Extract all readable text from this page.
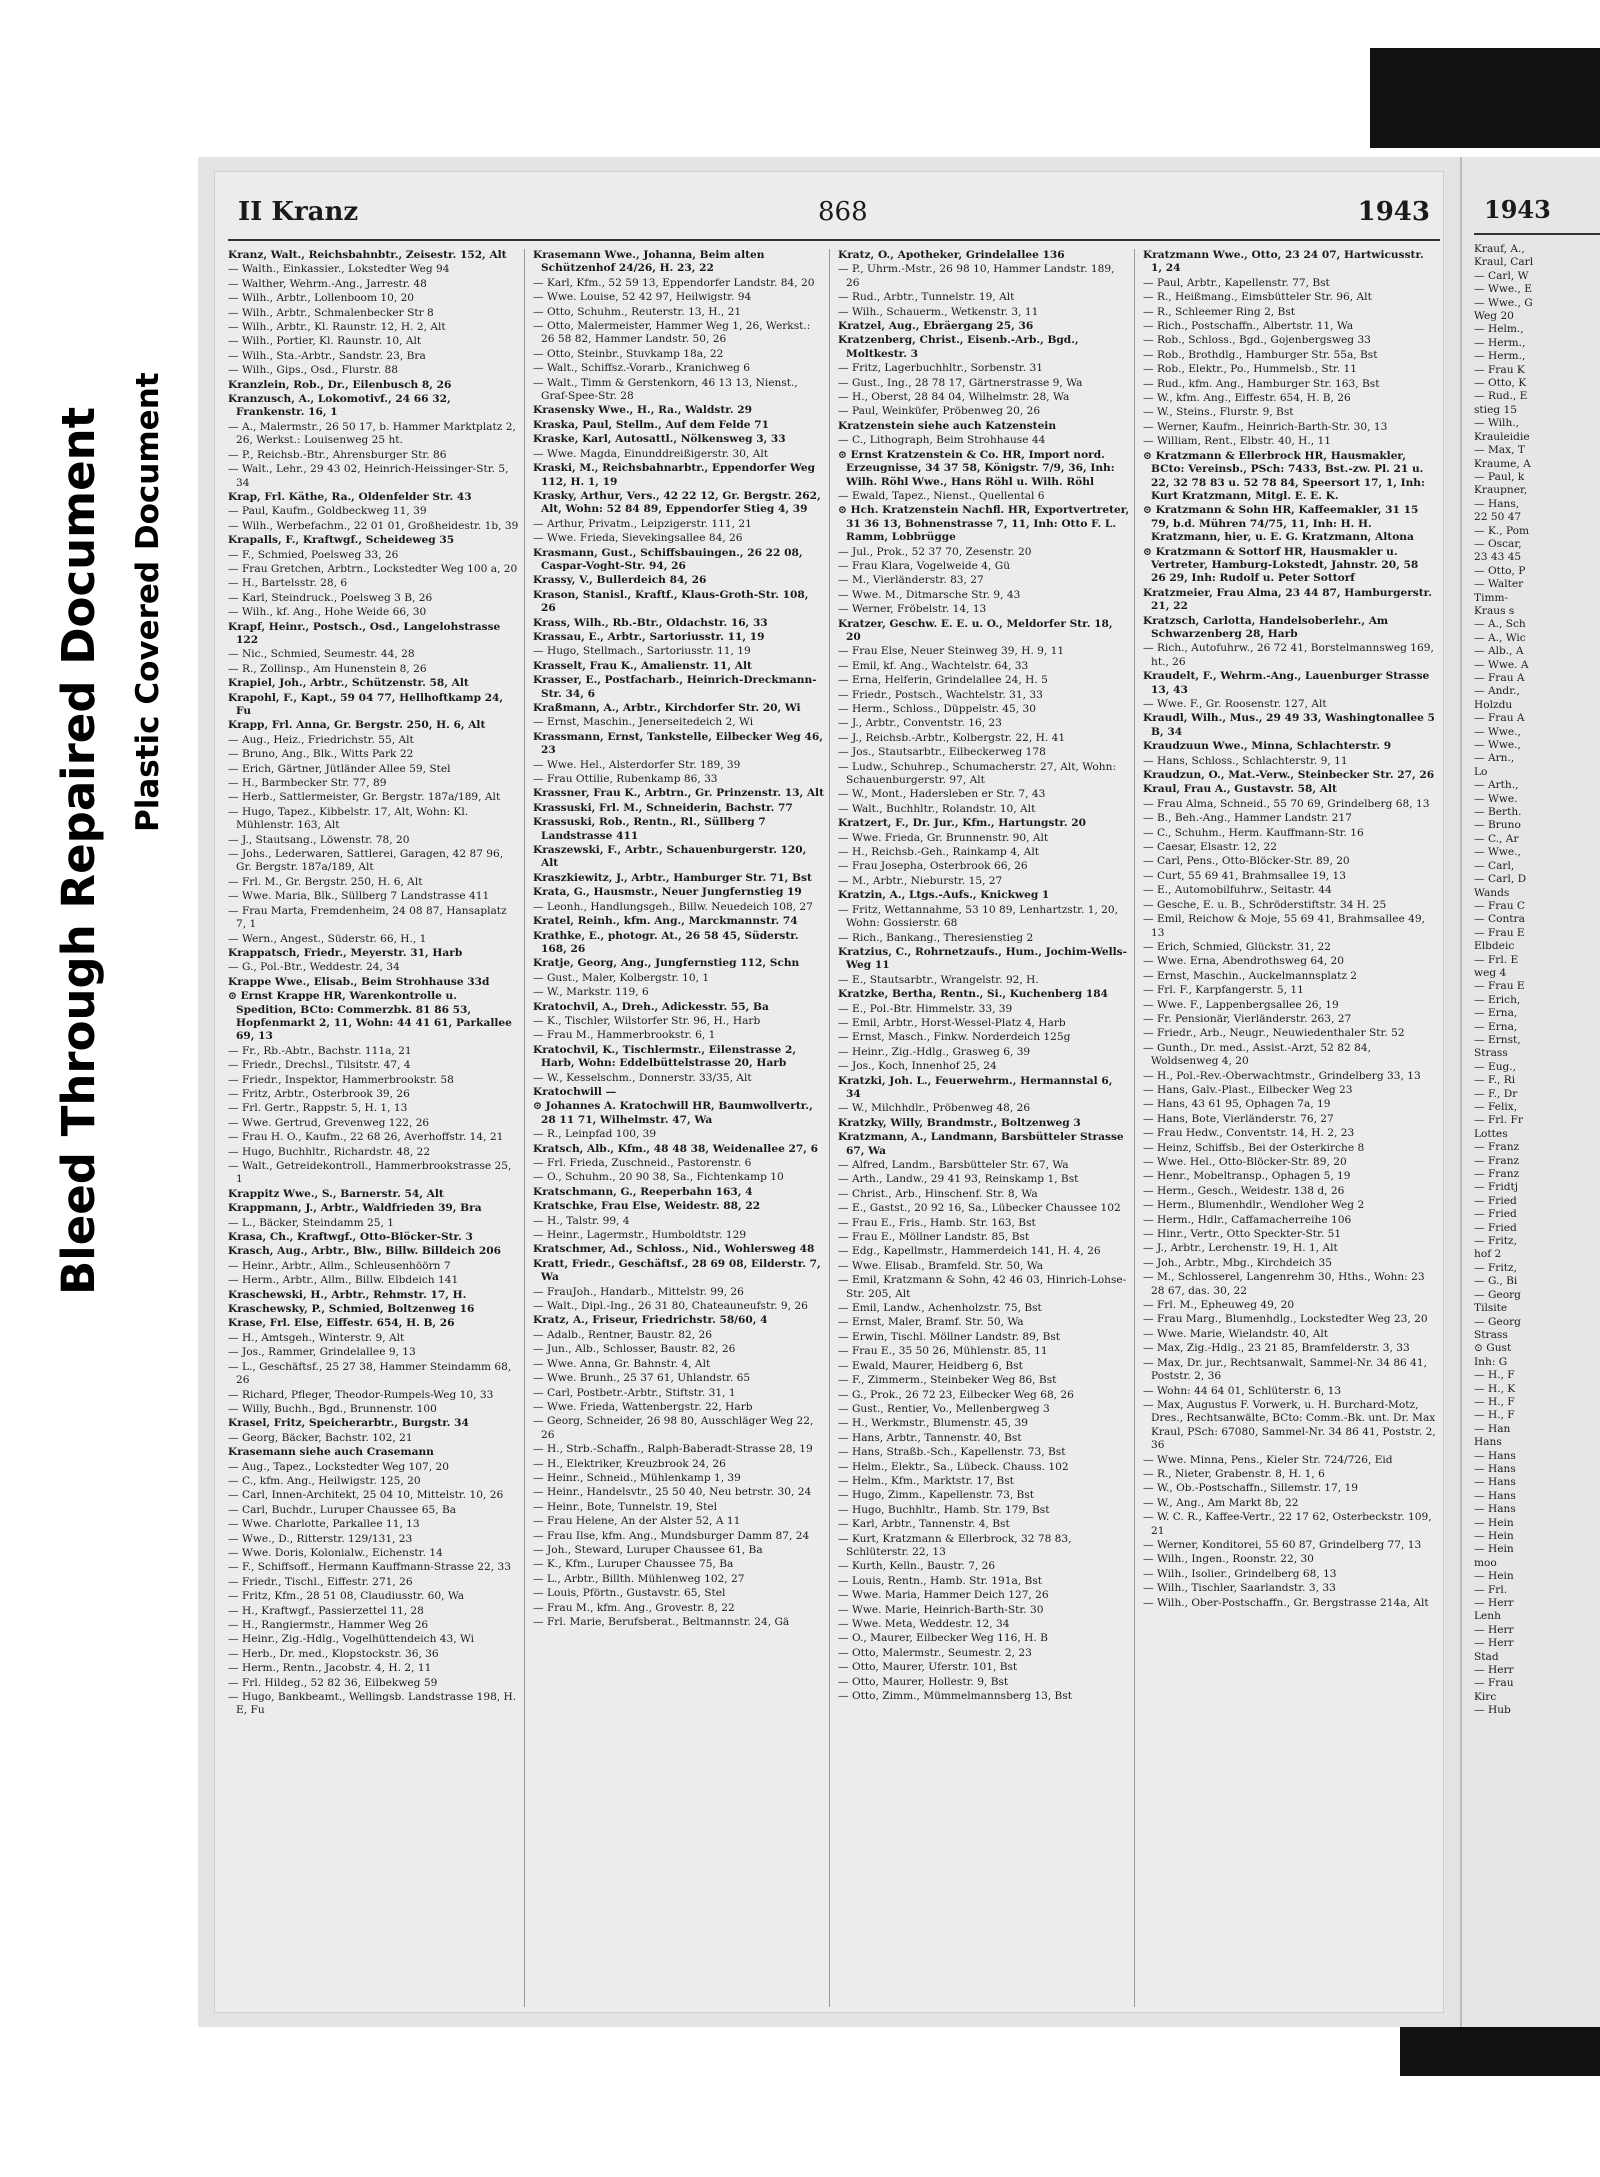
Bleed Through Repaired Document Plastic Covered Document
II Kranz	868	1943
Kranz, Walt., Reichsbahnbtr., Zeisestr. 152, Alt
— Walth., Einkassier., Lokstedter Weg 94
— Walther, Wehrm.-Ang., Jarrestr. 48
— Wilh., Arbtr., Lollenboom 10, 20
— Wilh., Arbtr., Schmalenbecker Str 8
— Wilh., Arbtr., Kl. Raunstr. 12, H. 2, Alt
— Wilh., Portier, Kl. Raunstr. 10, Alt
— Wilh., Sta.-Arbtr., Sandstr. 23, Bra
— Wilh., Gips., Osd., Flurstr. 88
Kranzlein, Rob., Dr., Eilenbusch 8, 26
Kranzusch, A., Lokomotivf., 24 66 32, Frankenstr. 16, 1
— A., Malermstr., 26 50 17, b. Hammer Marktplatz 2, 26, Werkst.: Louisenweg 25 ht.
— P., Reichsb.-Btr., Ahrensburger Str. 86
— Walt., Lehr., 29 43 02, Heinrich-Heissinger-Str. 5, 34
Krap, Frl. Käthe, Ra., Oldenfelder Str. 43
— Paul, Kaufm., Goldbeckweg 11, 39
— Wilh., Werbefachm., 22 01 01, Großheidestr. 1b, 39
Krapalls, F., Kraftwgf., Scheideweg 35
— F., Schmied, Poelsweg 33, 26
— Frau Gretchen, Arbtrn., Lockstedter Weg 100 a, 20
— H., Bartelsstr. 28, 6
— Karl, Steindruck., Poelsweg 3 B, 26
— Wilh., kf. Ang., Hohe Weide 66, 30
Krapf, Heinr., Postsch., Osd., Langelohstrasse 122
— Nic., Schmied, Seumestr. 44, 28
— R., Zollinsp., Am Hunenstein 8, 26
Krapiel, Joh., Arbtr., Schützenstr. 58, Alt
Krapohl, F., Kapt., 59 04 77, Hellhoftkamp 24, Fu
Krapp, Frl. Anna, Gr. Bergstr. 250, H. 6, Alt
— Aug., Heiz., Friedrichstr. 55, Alt
— Bruno, Ang., Blk., Witts Park 22
— Erich, Gärtner, Jütländer Allee 59, Stel
— H., Barmbecker Str. 77, 89
— Herb., Sattlermeister, Gr. Bergstr. 187a/189, Alt
— Hugo, Tapez., Kibbelstr. 17, Alt, Wohn: Kl. Mühlenstr. 163, Alt
— J., Stautsang., Löwenstr. 78, 20
— Johs., Lederwaren, Sattlerei, Garagen, 42 87 96, Gr. Bergstr. 187a/189, Alt
— Frl. M., Gr. Bergstr. 250, H. 6, Alt
— Wwe. Maria, Blk., Süllberg 7 Landstrasse 411
— Frau Marta, Fremdenheim, 24 08 87, Hansaplatz 7, 1
— Wern., Angest., Süderstr. 66, H., 1
Krappatsch, Friedr., Meyerstr. 31, Harb
— G., Pol.-Btr., Weddestr. 24, 34
Krappe Wwe., Elisab., Beim Strohhause 33d
⊙ Ernst Krappe HR, Warenkontrolle u. Spedition, BCto: Commerzbk. 81 86 53, Hopfenmarkt 2, 11, Wohn: 44 41 61, Parkallee 69, 13
— Fr., Rb.-Abtr., Bachstr. 111a, 21
— Friedr., Drechsl., Tilsitstr. 47, 4
— Friedr., Inspektor, Hammerbrookstr. 58
— Fritz, Arbtr., Osterbrook 39, 26
— Frl. Gertr., Rappstr. 5, H. 1, 13
— Wwe. Gertrud, Grevenweg 122, 26
— Frau H. O., Kaufm., 22 68 26, Averhoffstr. 14, 21
— Hugo, Buchhltr., Richardstr. 48, 22
— Walt., Getreidekontroll., Hammerbrookstrasse 25, 1
Krappitz Wwe., S., Barnerstr. 54, Alt
Krappmann, J., Arbtr., Waldfrieden 39, Bra
— L., Bäcker, Steindamm 25, 1
Krasa, Ch., Kraftwgf., Otto-Blöcker-Str. 3
Krasch, Aug., Arbtr., Blw., Billw. Billdeich 206
— Heinr., Arbtr., Allm., Schleusenhöörn 7
— Herm., Arbtr., Allm., Billw. Elbdeich 141
Kraschewski, H., Arbtr., Rehmstr. 17, H.
Kraschewsky, P., Schmied, Boltzenweg 16
Krase, Frl. Else, Eiffestr. 654, H. B, 26
— H., Amtsgeh., Winterstr. 9, Alt
— Jos., Rammer, Grindelallee 9, 13
— L., Geschäftsf., 25 27 38, Hammer Steindamm 68, 26
— Richard, Pfleger, Theodor-Rumpels-Weg 10, 33
— Willy, Buchh., Bgd., Brunnenstr. 100
Krasel, Fritz, Speicherarbtr., Burgstr. 34
— Georg, Bäcker, Bachstr. 102, 21
Krasemann siehe auch Crasemann
— Aug., Tapez., Lockstedter Weg 107, 20
— C., kfm. Ang., Heilwigstr. 125, 20
— Carl, Innen-Architekt, 25 04 10, Mittelstr. 10, 26
— Carl, Buchdr., Luruper Chaussee 65, Ba
— Wwe. Charlotte, Parkallee 11, 13
— Wwe., D., Ritterstr. 129/131, 23
— Wwe. Doris, Kolonialw., Eichenstr. 14
— F., Schiffsoff., Hermann Kauffmann-Strasse 22, 33
— Friedr., Tischl., Eiffestr. 271, 26
— Fritz, Kfm., 28 51 08, Claudiusstr. 60, Wa
— H., Kraftwgf., Passierzettel 11, 28
— H., Rangiermstr., Hammer Weg 26
— Heinr., Zig.-Hdlg., Vogelhüttendeich 43, Wi
— Herb., Dr. med., Klopstockstr. 36, 36
— Herm., Rentn., Jacobstr. 4, H. 2, 11
— Frl. Hildeg., 52 82 36, Eilbekweg 59
— Hugo, Bankbeamt., Wellingsb. Landstrasse 198, H. E, Fu
Krasemann Wwe., Johanna, Beim alten Schützenhof 24/26, H. 23, 22
— Karl, Kfm., 52 59 13, Eppendorfer Landstr. 84, 20
— Wwe. Louise, 52 42 97, Heilwigstr. 94
— Otto, Schuhm., Reuterstr. 13, H., 21
— Otto, Malermeister, Hammer Weg 1, 26, Werkst.: 26 58 82, Hammer Landstr. 50, 26
— Otto, Steinbr., Stuvkamp 18a, 22
— Walt., Schiffsz.-Vorarb., Kranichweg 6
— Walt., Timm & Gerstenkorn, 46 13 13, Nienst., Graf-Spee-Str. 28
Krasensky Wwe., H., Ra., Waldstr. 29
Kraska, Paul, Stellm., Auf dem Felde 71
Kraske, Karl, Autosattl., Nölkensweg 3, 33
— Wwe. Magda, Einunddreißigerstr. 30, Alt
Kraski, M., Reichsbahnarbtr., Eppendorfer Weg 112, H. 1, 19
Krasky, Arthur, Vers., 42 22 12, Gr. Bergstr. 262, Alt, Wohn: 52 84 89, Eppendorfer Stieg 4, 39
— Arthur, Privatm., Leipzigerstr. 111, 21
— Wwe. Frieda, Sievekingsallee 84, 26
Krasmann, Gust., Schiffsbauingen., 26 22 08, Caspar-Voght-Str. 94, 26
Krassy, V., Bullerdeich 84, 26
Krason, Stanisl., Kraftf., Klaus-Groth-Str. 108, 26
Krass, Wilh., Rb.-Btr., Oldachstr. 16, 33
Krassau, E., Arbtr., Sartoriusstr. 11, 19
— Hugo, Stellmach., Sartoriusstr. 11, 19
Krasselt, Frau K., Amalienstr. 11, Alt
Krasser, E., Postfacharb., Heinrich-Dreckmann-Str. 34, 6
Kraßmann, A., Arbtr., Kirchdorfer Str. 20, Wi
— Ernst, Maschin., Jenerseitedeich 2, Wi
Krassmann, Ernst, Tankstelle, Eilbecker Weg 46, 23
— Wwe. Hel., Alsterdorfer Str. 189, 39
— Frau Ottilie, Rubenkamp 86, 33
Krassner, Frau K., Arbtrn., Gr. Prinzenstr. 13, Alt
Krassuski, Frl. M., Schneiderin, Bachstr. 77
Krassuski, Rob., Rentn., Rl., Süllberg 7 Landstrasse 411
Kraszewski, F., Arbtr., Schauenburgerstr. 120, Alt
Kraszkiewitz, J., Arbtr., Hamburger Str. 71, Bst
Krata, G., Hausmstr., Neuer Jungfernstieg 19
— Leonh., Handlungsgeh., Billw. Neuedeich 108, 27
Kratel, Reinh., kfm. Ang., Marckmannstr. 74
Krathke, E., photogr. At., 26 58 45, Süderstr. 168, 26
Kratje, Georg, Ang., Jungfernstieg 112, Schn
— Gust., Maler, Kolbergstr. 10, 1
— W., Markstr. 119, 6
Kratochvil, A., Dreh., Adickesstr. 55, Ba
— K., Tischler, Wilstorfer Str. 96, H., Harb
— Frau M., Hammerbrookstr. 6, 1
Kratochvil, K., Tischlermstr., Eilenstrasse 2, Harb, Wohn: Eddelbüttelstrasse 20, Harb
— W., Kesselschm., Donnerstr. 33/35, Alt
Kratochwill —
⊙ Johannes A. Kratochwill HR, Baumwollvertr., 28 11 71, Wilhelmstr. 47, Wa
— R., Leinpfad 100, 39
Kratsch, Alb., Kfm., 48 48 38, Weidenallee 27, 6
— Frl. Frieda, Zuschneid., Pastorenstr. 6
— O., Schuhm., 20 90 38, Sa., Fichtenkamp 10
Kratschmann, G., Reeperbahn 163, 4
Kratschke, Frau Else, Weidestr. 88, 22
— H., Talstr. 99, 4
— Heinr., Lagermstr., Humboldtstr. 129
Kratschmer, Ad., Schloss., Nid., Wohlersweg 48
Kratt, Friedr., Geschäftsf., 28 69 08, Eilderstr. 7, Wa
— FrauJoh., Handarb., Mittelstr. 99, 26
— Walt., Dipl.-Ing., 26 31 80, Chateauneufstr. 9, 26
Kratz, A., Friseur, Friedrichstr. 58/60, 4
— Adalb., Rentner, Baustr. 82, 26
— Jun., Alb., Schlosser, Baustr. 82, 26
— Wwe. Anna, Gr. Bahnstr. 4, Alt
— Wwe. Brunh., 25 37 61, Uhlandstr. 65
— Carl, Postbetr.-Arbtr., Stiftstr. 31, 1
— Wwe. Frieda, Wattenbergstr. 22, Harb
— Georg, Schneider, 26 98 80, Ausschläger Weg 22, 26
— H., Strb.-Schaffn., Ralph-Baberadt-Strasse 28, 19
— H., Elektriker, Kreuzbrook 24, 26
— Heinr., Schneid., Mühlenkamp 1, 39
— Heinr., Handelsvtr., 25 50 40, Neu betrstr. 30, 24
— Heinr., Bote, Tunnelstr. 19, Stel
— Frau Helene, An der Alster 52, A 11
— Frau Ilse, kfm. Ang., Mundsburger Damm 87, 24
— Joh., Steward, Luruper Chaussee 61, Ba
— K., Kfm., Luruper Chaussee 75, Ba
— L., Arbtr., Billth. Mühlenweg 102, 27
— Louis, Pförtn., Gustavstr. 65, Stel
— Frau M., kfm. Ang., Grovestr. 8, 22
— Frl. Marie, Berufsberat., Beltmannstr. 24, Gä
Kratz, O., Apotheker, Grindelallee 136
— P., Uhrm.-Mstr., 26 98 10, Hammer Landstr. 189, 26
— Rud., Arbtr., Tunnelstr. 19, Alt
— Wilh., Schauerm., Wetkenstr. 3, 11
Kratzel, Aug., Ebräergang 25, 36
Kratzenberg, Christ., Eisenb.-Arb., Bgd., Moltkestr. 3
— Fritz, Lagerbuchhltr., Sorbenstr. 31
— Gust., Ing., 28 78 17, Gärtnerstrasse 9, Wa
— H., Oberst, 28 84 04, Wilhelmstr. 28, Wa
— Paul, Weinküfer, Pröbenweg 20, 26
Kratzenstein siehe auch Katzenstein
— C., Lithograph, Beim Strohhause 44
⊙ Ernst Kratzenstein & Co. HR, Import nord. Erzeugnisse, 34 37 58, Königstr. 7/9, 36, Inh: Wilh. Röhl Wwe., Hans Röhl u. Wilh. Röhl
— Ewald, Tapez., Nienst., Quellental 6
⊙ Hch. Kratzenstein Nachfl. HR, Exportvertreter, 31 36 13, Bohnenstrasse 7, 11, Inh: Otto F. L. Ramm, Lobbrügge
— Jul., Prok., 52 37 70, Zesenstr. 20
— Frau Klara, Vogelweide 4, Gü
— M., Vierländerstr. 83, 27
— Wwe. M., Ditmarsche Str. 9, 43
— Werner, Fröbelstr. 14, 13
Kratzer, Geschw. E. E. u. O., Meldorfer Str. 18, 20
— Frau Else, Neuer Steinweg 39, H. 9, 11
— Emil, kf. Ang., Wachtelstr. 64, 33
— Erna, Helferin, Grindelallee 24, H. 5
— Friedr., Postsch., Wachtelstr. 31, 33
— Herm., Schloss., Düppelstr. 45, 30
— J., Arbtr., Conventstr. 16, 23
— J., Reichsb.-Arbtr., Kolbergstr. 22, H. 41
— Jos., Stautsarbtr., Eilbeckerweg 178
— Ludw., Schuhrep., Schumacherstr. 27, Alt, Wohn: Schauenburgerstr. 97, Alt
— W., Mont., Hadersleben er Str. 7, 43
— Walt., Buchhltr., Rolandstr. 10, Alt
Kratzert, F., Dr. Jur., Kfm., Hartungstr. 20
— Wwe. Frieda, Gr. Brunnenstr. 90, Alt
— H., Reichsb.-Geh., Rainkamp 4, Alt
— Frau Josepha, Osterbrook 66, 26
— M., Arbtr., Nieburstr. 15, 27
Kratzin, A., Ltgs.-Aufs., Knickweg 1
— Fritz, Wettannahme, 53 10 89, Lenhartzstr. 1, 20, Wohn: Gossierstr. 68
— Rich., Bankang., Theresienstieg 2
Kratzius, C., Rohrnetzaufs., Hum., Jochim-Wells-Weg 11
— E., Stautsarbtr., Wrangelstr. 92, H.
Kratzke, Bertha, Rentn., Si., Kuchenberg 184
— E., Pol.-Btr. Himmelstr. 33, 39
— Emil, Arbtr., Horst-Wessel-Platz 4, Harb
— Ernst, Masch., Finkw. Norderdeich 125g
— Heinr., Zig.-Hdlg., Grasweg 6, 39
— Jos., Koch, Innenhof 25, 24
Kratzki, Joh. L., Feuerwehrm., Hermannstal 6, 34
— W., Milchhdlr., Pröbenweg 48, 26
Kratzky, Willy, Brandmstr., Boltzenweg 3
Kratzmann, A., Landmann, Barsbütteler Strasse 67, Wa
— Alfred, Landm., Barsbütteler Str. 67, Wa
— Arth., Landw., 29 41 93, Reinskamp 1, Bst
— Christ., Arb., Hinschenf. Str. 8, Wa
— E., Gastst., 20 92 16, Sa., Lübecker Chaussee 102
— Frau E., Fris., Hamb. Str. 163, Bst
— Frau E., Möllner Landstr. 85, Bst
— Edg., Kapellmstr., Hammerdeich 141, H. 4, 26
— Wwe. Elisab., Bramfeld. Str. 50, Wa
— Emil, Kratzmann & Sohn, 42 46 03, Hinrich-Lohse-Str. 205, Alt
— Emil, Landw., Achenholzstr. 75, Bst
— Ernst, Maler, Bramf. Str. 50, Wa
— Erwin, Tischl. Möllner Landstr. 89, Bst
— Frau E., 35 50 26, Mühlenstr. 85, 11
— Ewald, Maurer, Heidberg 6, Bst
— F., Zimmerm., Steinbeker Weg 86, Bst
— G., Prok., 26 72 23, Eilbecker Weg 68, 26
— Gust., Rentier, Vo., Mellenbergweg 3
— H., Werkmstr., Blumenstr. 45, 39
— Hans, Arbtr., Tannenstr. 40, Bst
— Hans, Straßb.-Sch., Kapellenstr. 73, Bst
— Helm., Elektr., Sa., Lübeck. Chauss. 102
— Helm., Kfm., Marktstr. 17, Bst
— Hugo, Zimm., Kapellenstr. 73, Bst
— Hugo, Buchhltr., Hamb. Str. 179, Bst
— Karl, Arbtr., Tannenstr. 4, Bst
— Kurt, Kratzmann & Ellerbrock, 32 78 83, Schlüterstr. 22, 13
— Kurth, Kelln., Baustr. 7, 26
— Louis, Rentn., Hamb. Str. 191a, Bst
— Wwe. Maria, Hammer Deich 127, 26
— Wwe. Marie, Heinrich-Barth-Str. 30
— Wwe. Meta, Weddestr. 12, 34
— O., Maurer, Eilbecker Weg 116, H. B
— Otto, Malermstr., Seumestr. 2, 23
— Otto, Maurer, Uferstr. 101, Bst
— Otto, Maurer, Hollestr. 9, Bst
— Otto, Zimm., Mümmelmannsberg 13, Bst
Kratzmann Wwe., Otto, 23 24 07, Hartwicusstr. 1, 24
— Paul, Arbtr., Kapellenstr. 77, Bst
— R., Heißmang., Eimsbütteler Str. 96, Alt
— R., Schleemer Ring 2, Bst
— Rich., Postschaffn., Albertstr. 11, Wa
— Rob., Schloss., Bgd., Gojenbergsweg 33
— Rob., Brothdlg., Hamburger Str. 55a, Bst
— Rob., Elektr., Po., Hummelsb., Str. 11
— Rud., kfm. Ang., Hamburger Str. 163, Bst
— W., kfm. Ang., Eiffestr. 654, H. B, 26
— W., Steins., Flurstr. 9, Bst
— Werner, Kaufm., Heinrich-Barth-Str. 30, 13
— William, Rent., Elbstr. 40, H., 11
⊙ Kratzmann & Ellerbrock HR, Hausmakler, BCto: Vereinsb., PSch: 7433, Bst.-zw. Pl. 21 u. 22, 32 78 83 u. 52 78 84, Speersort 17, 1, Inh: Kurt Kratzmann, Mitgl. E. E. K.
⊙ Kratzmann & Sohn HR, Kaffeemakler, 31 15 79, b.d. Mühren 74/75, 11, Inh: H. H. Kratzmann, hier, u. E. G. Kratzmann, Altona
⊙ Kratzmann & Sottorf HR, Hausmakler u. Vertreter, Hamburg-Lokstedt, Jahnstr. 20, 58 26 29, Inh: Rudolf u. Peter Sottorf
Kratzmeier, Frau Alma, 23 44 87, Hamburgerstr. 21, 22
Kratzsch, Carlotta, Handelsoberlehr., Am Schwarzenberg 28, Harb
— Rich., Autofuhrw., 26 72 41, Borstelmannsweg 169, ht., 26
Kraudelt, F., Wehrm.-Ang., Lauenburger Strasse 13, 43
— Wwe. F., Gr. Roosenstr. 127, Alt
Kraudl, Wilh., Mus., 29 49 33, Washingtonallee 5 B, 34
Kraudzuun Wwe., Minna, Schlachterstr. 9
— Hans, Schloss., Schlachterstr. 9, 11
Kraudzun, O., Mat.-Verw., Steinbecker Str. 27, 26
Kraul, Frau A., Gustavstr. 58, Alt
— Frau Alma, Schneid., 55 70 69, Grindelberg 68, 13
— B., Beh.-Ang., Hammer Landstr. 217
— C., Schuhm., Herm. Kauffmann-Str. 16
— Caesar, Elsastr. 12, 22
— Carl, Pens., Otto-Blöcker-Str. 89, 20
— Curt, 55 69 41, Brahmsallee 19, 13
— E., Automobilfuhrw., Seitastr. 44
— Gesche, E. u. B., Schröderstiftstr. 34 H. 25
— Emil, Reichow & Moje, 55 69 41, Brahmsallee 49, 13
— Erich, Schmied, Glückstr. 31, 22
— Wwe. Erna, Abendrothsweg 64, 20
— Ernst, Maschin., Auckelmannsplatz 2
— Frl. F., Karpfangerstr. 5, 11
— Wwe. F., Lappenbergsallee 26, 19
— Fr. Pensionär, Vierländerstr. 263, 27
— Friedr., Arb., Neugr., Neuwiedenthaler Str. 52
— Gunth., Dr. med., Assist.-Arzt, 52 82 84, Woldsenweg 4, 20
— H., Pol.-Rev.-Oberwachtmstr., Grindelberg 33, 13
— Hans, Galv.-Plast., Eilbecker Weg 23
— Hans, 43 61 95, Ophagen 7a, 19
— Hans, Bote, Vierländerstr. 76, 27
— Frau Hedw., Conventstr. 14, H. 2, 23
— Heinz, Schiffsb., Bei der Osterkirche 8
— Wwe. Hel., Otto-Blöcker-Str. 89, 20
— Henr., Mobeltransp., Ophagen 5, 19
— Herm., Gesch., Weidestr. 138 d, 26
— Herm., Blumenhdlr., Wendloher Weg 2
— Herm., Hdlr., Caffamacherreihe 106
— Hinr., Vertr., Otto Speckter-Str. 51
— J., Arbtr., Lerchenstr. 19, H. 1, Alt
— Joh., Arbtr., Mbg., Kirchdeich 35
— M., Schlosserel, Langenrehm 30, Hths., Wohn: 23 28 67, das. 30, 22
— Frl. M., Epheuweg 49, 20
— Frau Marg., Blumenhdlg., Lockstedter Weg 23, 20
— Wwe. Marie, Wielandstr. 40, Alt
— Max, Zig.-Hdlg., 23 21 85, Bramfelderstr. 3, 33
— Max, Dr. jur., Rechtsanwalt, Sammel-Nr. 34 86 41, Poststr. 2, 36
— Wohn: 44 64 01, Schlüterstr. 6, 13
— Max, Augustus F. Vorwerk, u. H. Burchard-Motz, Dres., Rechtsanwälte, BCto: Comm.-Bk. unt. Dr. Max Kraul, PSch: 67080, Sammel-Nr. 34 86 41, Poststr. 2, 36
— Wwe. Minna, Pens., Kieler Str. 724/726, Eid
— R., Nieter, Grabenstr. 8, H. 1, 6
— W., Ob.-Postschaffn., Sillemstr. 17, 19
— W., Ang., Am Markt 8b, 22
— W. C. R., Kaffee-Vertr., 22 17 62, Osterbeckstr. 109, 21
— Werner, Konditorei, 55 60 87, Grindelberg 77, 13
— Wilh., Ingen., Roonstr. 22, 30
— Wilh., Isolier., Grindelberg 68, 13
— Wilh., Tischler, Saarlandstr. 3, 33
— Wilh., Ober-Postschaffn., Gr. Bergstrasse 214a, Alt
1943
Krauf, A.,
Kraul, Carl
— Carl, W
— Wwe., E
— Wwe., G
Weg 20
— Helm.,
— Herm.,
— Herm.,
— Frau K
— Otto, K
— Rud., E
stieg 15
— Wilh.,
Krauleidie
— Max, T
Kraume, A
— Paul, k
Kraupner,
— Hans,
22 50 47
— K., Pom
— Oscar,
23 43 45
— Otto, P
— Walter
Timm-
Kraus s
— A., Sch
— A., Wic
— Alb., A
— Wwe. A
— Frau A
— Andr.,
Holzdu
— Frau A
— Wwe.,
— Wwe.,
— Arn.,
Lo
— Arth.,
— Wwe.
— Berth.
— Bruno
— C., Ar
— Wwe.,
— Carl,
— Carl, D
Wands
— Frau C
— Contra
— Frau E
Elbdeic
— Frl. E
weg 4
— Frau E
— Erich,
— Erna,
— Erna,
— Ernst,
Strass
— Eug.,
— F., Ri
— F., Dr
— Felix,
— Frl. Fr
Lottes
— Franz
— Franz
— Franz
— Fridtj
— Fried
— Fried
— Fried
— Fritz,
hof 2
— Fritz,
— G., Bi
— Georg
Tilsite
— Georg
Strass
⊙ Gust
Inh: G
— H., F
— H., K
— H., F
— H., F
— Han
Hans
— Hans
— Hans
— Hans
— Hans
— Hans
— Hein
— Hein
— Hein
moo
— Hein
— Frl.
— Herr
Lenh
— Herr
— Herr
Stad
— Herr
— Frau
Kirc
— Hub
